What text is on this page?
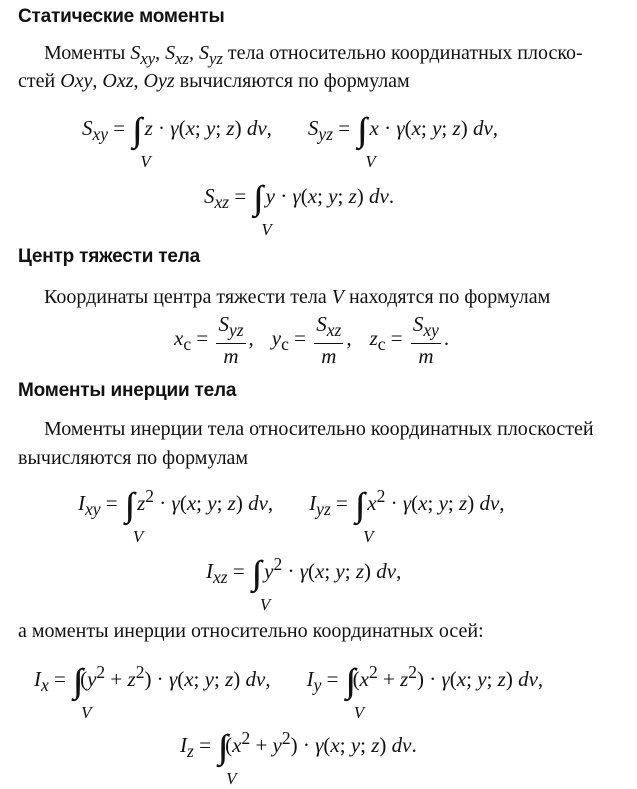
Статические моменты
Моменты $S_{xy}$, $S_{xz}$, $S_{yz}$ тела относительно координатных плоско-
стей Oxy, Oxz, Oyz вычисляются по формулам
$S_{xy}$ = ∫∫∫
V
z · γ(x; y; z) dv, $S_{yz}$ = ∫∫∫
V
x · γ(x; y; z) dv,
$S_{xz}$ = ∫∫∫
V
y · γ(x; y; z) dv.
Центр тяжести тела
Координаты центра тяжести тела V находятся по формулам
$x_c = \frac{S_{yz}}{m}$ , $y_c = \frac{S_{xz}}{m}$ , $z_c = \frac{S_{xy}}{m}$ .
Моменты инерции тела
Моменты инерции тела относительно координатных плоскостей
вычисляются по формулам
$I_{xy}$ = ∫∫∫
V
$z^2 \cdot \gamma(x$; y; z) dv, $I_{yz}$ = ∫∫∫
V
$x^2 \cdot \gamma(x$; y; z) dv,
$I_{xz}$ = ∫∫∫
V
$y^2 \cdot \gamma(x$; y; z) dv,
а моменты инерции относительно координатных осей:
$I_x$ = ∫∫∫
V
$(y^2 + z^2) \cdot \gamma(x$; y; z) dv, $I_y$ = ∫∫∫
V
$(x^2 + z^2) \cdot \gamma(x$; y; z) dv,
$I_z$ = ∫∫∫
V
$(x^2 + y^2) \cdot \gamma(x$; y; z) dv.
